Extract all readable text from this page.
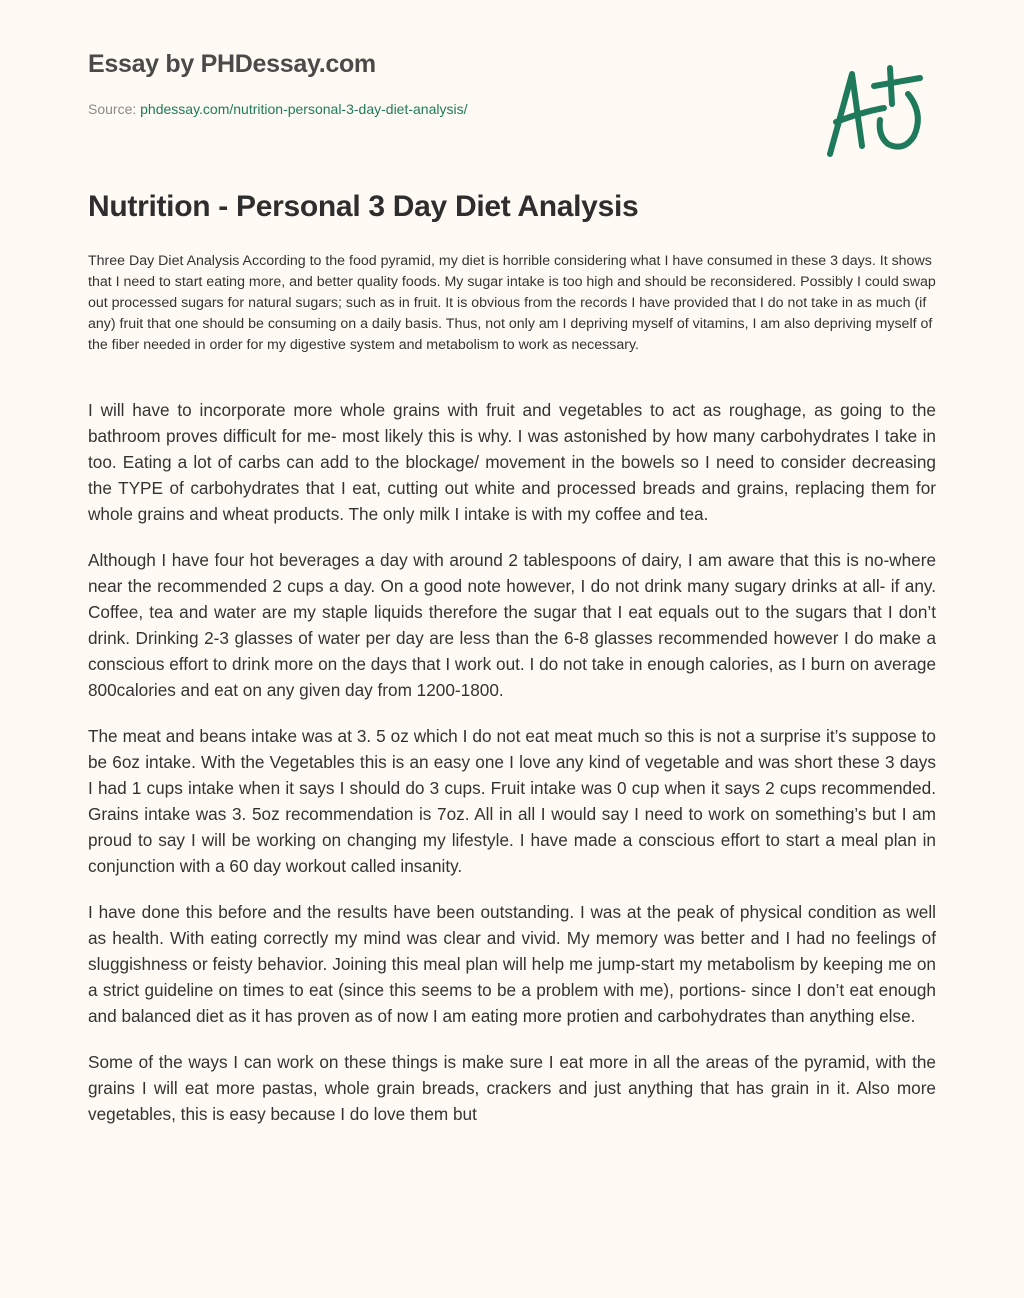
Essay by PHDessay.com
Source: phdessay.com/nutrition-personal-3-day-diet-analysis/
Nutrition - Personal 3 Day Diet Analysis

Three Day Diet Analysis According to the food pyramid, my diet is horrible considering what I have consumed in these 3 days. It shows that I need to start eating more, and better quality foods. My sugar intake is too high and should be reconsidered. Possibly I could swap out processed sugars for natural sugars; such as in fruit. It is obvious from the records I have provided that I do not take in as much (if any) fruit that one should be consuming on a daily basis. Thus, not only am I depriving myself of vitamins, I am also depriving myself of the fiber needed in order for my digestive system and metabolism to work as necessary.

I will have to incorporate more whole grains with fruit and vegetables to act as roughage, as going to the bathroom proves difficult for me- most likely this is why. I was astonished by how many carbohydrates I take in too. Eating a lot of carbs can add to the blockage/ movement in the bowels so I need to consider decreasing the TYPE of carbohydrates that I eat, cutting out white and processed breads and grains, replacing them for whole grains and wheat products. The only milk I intake is with my coffee and tea.

Although I have four hot beverages a day with around 2 tablespoons of dairy, I am aware that this is no-where near the recommended 2 cups a day. On a good note however, I do not drink many sugary drinks at all- if any. Coffee, tea and water are my staple liquids therefore the sugar that I eat equals out to the sugars that I don’t drink. Drinking 2-3 glasses of water per day are less than the 6-8 glasses recommended however I do make a conscious effort to drink more on the days that I work out. I do not take in enough calories, as I burn on average 800calories and eat on any given day from 1200-1800.

The meat and beans intake was at 3. 5 oz which I do not eat meat much so this is not a surprise it’s suppose to be 6oz intake. With the Vegetables this is an easy one I love any kind of vegetable and was short these 3 days I had 1 cups intake when it says I should do 3 cups. Fruit intake was 0 cup when it says 2 cups recommended. Grains intake was 3. 5oz recommendation is 7oz. All in all I would say I need to work on something’s but I am proud to say I will be working on changing my lifestyle. I have made a conscious effort to start a meal plan in conjunction with a 60 day workout called insanity.

I have done this before and the results have been outstanding. I was at the peak of physical condition as well as health. With eating correctly my mind was clear and vivid. My memory was better and I had no feelings of sluggishness or feisty behavior. Joining this meal plan will help me jump-start my metabolism by keeping me on a strict guideline on times to eat (since this seems to be a problem with me), portions- since I don’t eat enough and balanced diet as it has proven as of now I am eating more protien and carbohydrates than anything else.

Some of the ways I can work on these things is make sure I eat more in all the areas of the pyramid, with the grains I will eat more pastas, whole grain breads, crackers and just anything that has grain in it. Also more vegetables, this is easy because I do love them but
